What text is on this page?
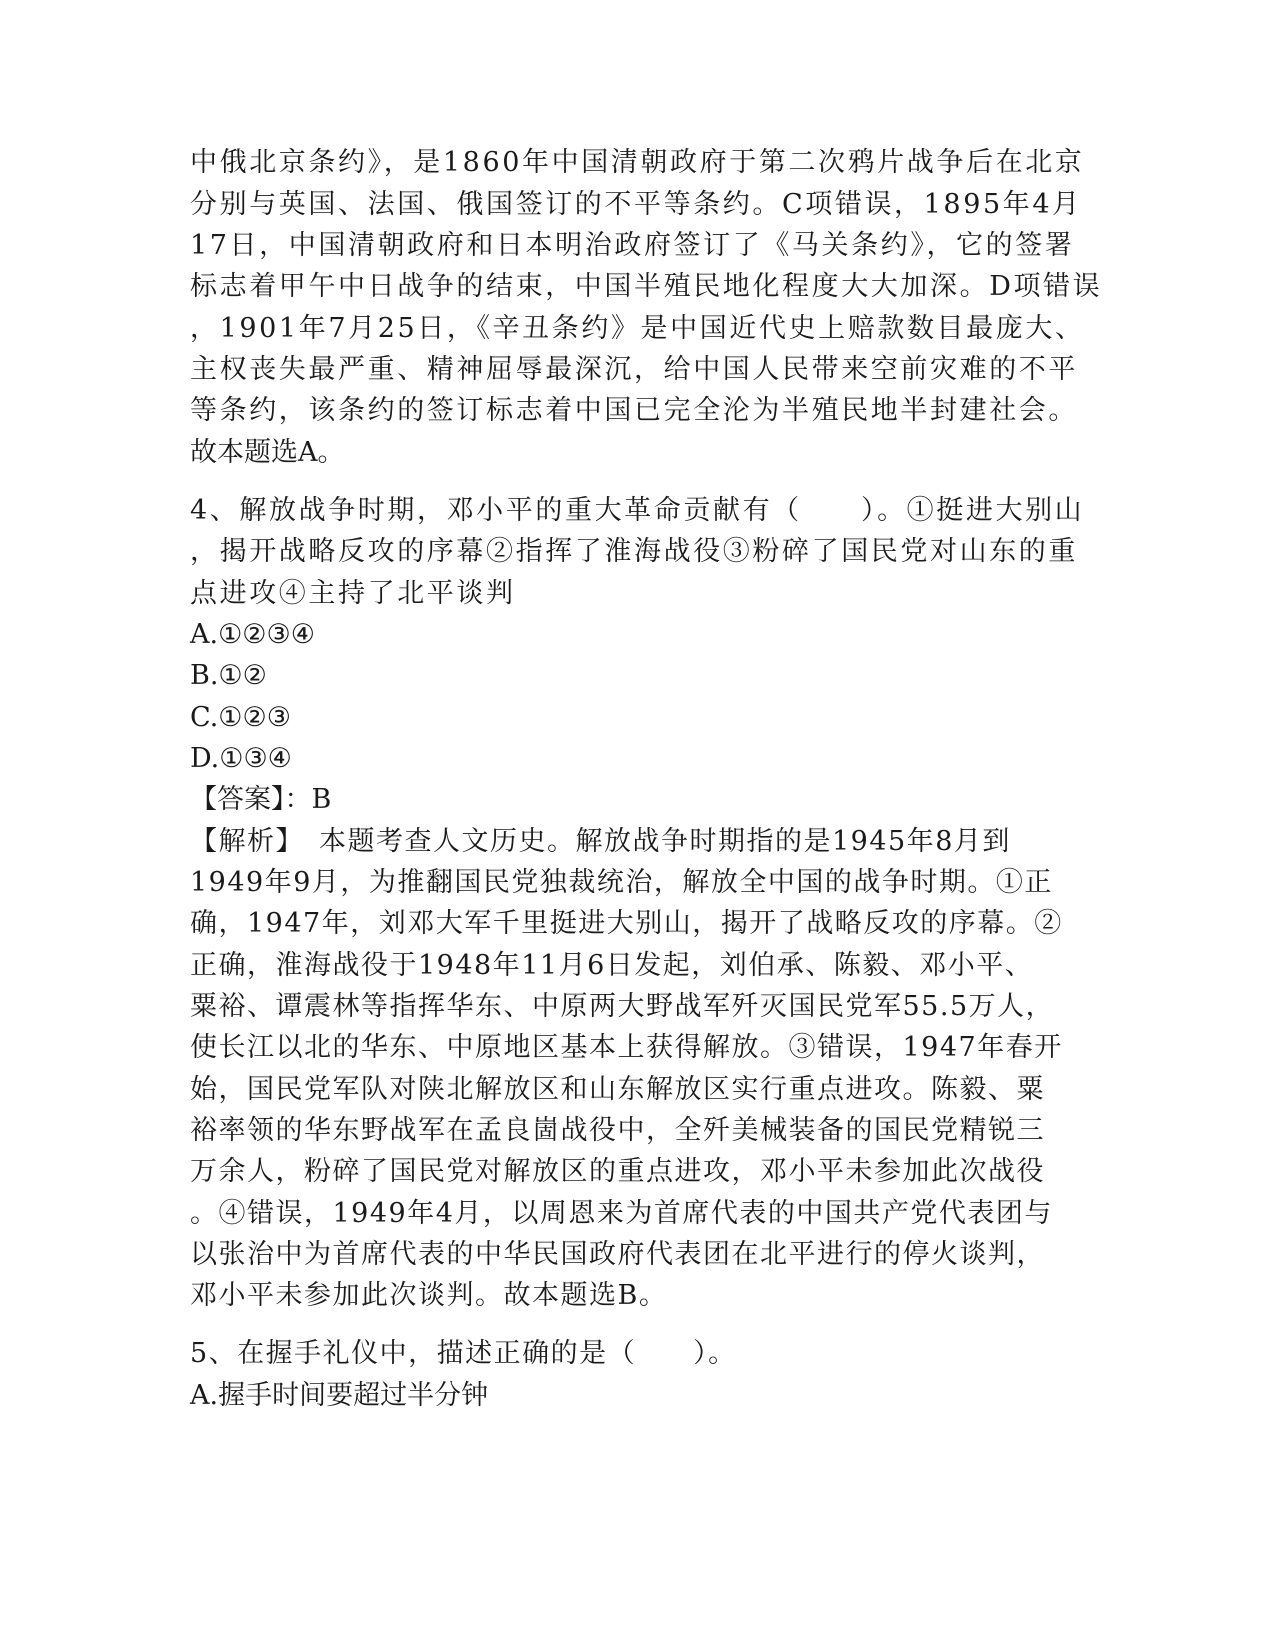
中俄北京条约》，是1860年中国清朝政府于第二次鸦片战争后在北京
分别与英国、法国、俄国签订的不平等条约。C项错误，1895年4月
17日，中国清朝政府和日本明治政府签订了《马关条约》，它的签署
标志着甲午中日战争的结束，中国半殖民地化程度大大加深。D项错误
，1901年7月25日，《辛丑条约》是中国近代史上赔款数目最庞大、
主权丧失最严重、精神屈辱最深沉，给中国人民带来空前灾难的不平
等条约，该条约的签订标志着中国已完全沦为半殖民地半封建社会。
故本题选A。
4、解放战争时期，邓小平的重大革命贡献有（　　）。①挺进大别山
，揭开战略反攻的序幕②指挥了淮海战役③粉碎了国民党对山东的重
点进攻④主持了北平谈判
A.①②③④
B.①②
C.①②③
D.①③④
【答案】：B
【解析】　本题考查人文历史。解放战争时期指的是1945年8月到
1949年9月，为推翻国民党独裁统治，解放全中国的战争时期。①正
确，1947年，刘邓大军千里挺进大别山，揭开了战略反攻的序幕。②
正确，淮海战役于1948年11月6日发起，刘伯承、陈毅、邓小平、
粟裕、谭震林等指挥华东、中原两大野战军歼灭国民党军55.5万人，
使长江以北的华东、中原地区基本上获得解放。③错误，1947年春开
始，国民党军队对陕北解放区和山东解放区实行重点进攻。陈毅、粟
裕率领的华东野战军在孟良崮战役中，全歼美械装备的国民党精锐三
万余人，粉碎了国民党对解放区的重点进攻，邓小平未参加此次战役
。④错误，1949年4月，以周恩来为首席代表的中国共产党代表团与
以张治中为首席代表的中华民国政府代表团在北平进行的停火谈判，
邓小平未参加此次谈判。故本题选B。
5、在握手礼仪中，描述正确的是（　　）。
A.握手时间要超过半分钟
